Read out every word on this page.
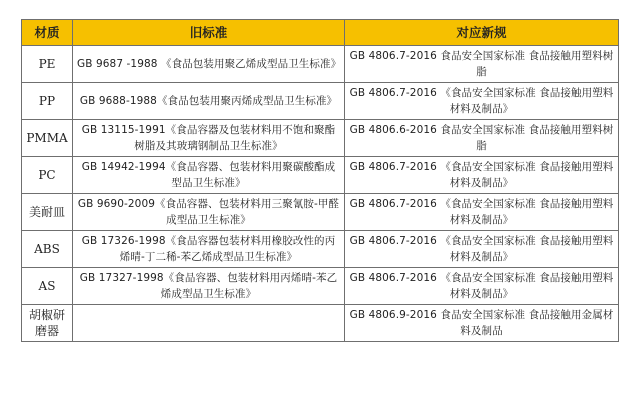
材质	旧标准	对应新规
PE	GB 9687 -1988 《食品包装用聚乙烯成型品卫生标准》	GB 4806.7-2016 食品安全国家标准 食品接触用塑料树脂
PP	GB 9688-1988《食品包装用聚丙烯成型品卫生标准》	GB 4806.7-2016 《食品安全国家标准 食品接触用塑料材料及制品》
PMMA	GB 13115-1991《食品容器及包装材料用不饱和聚酯树脂及其玻璃钢制品卫生标准》	GB 4806.6-2016 食品安全国家标准 食品接触用塑料树脂
PC	GB 14942-1994《食品容器、包装材料用聚碳酸酯成型品卫生标准》	GB 4806.7-2016 《食品安全国家标准 食品接触用塑料材料及制品》
美耐皿	GB 9690-2009《食品容器、包装材料用三聚氰胺-甲醛成型品卫生标准》	GB 4806.7-2016 《食品安全国家标准 食品接触用塑料材料及制品》
ABS	GB 17326-1998《食品容器包装材料用橡胶改性的丙烯晴-丁二稀-苯乙烯成型品卫生标准》	GB 4806.7-2016 《食品安全国家标准 食品接触用塑料材料及制品》
AS	GB 17327-1998《食品容器、包装材料用丙烯晴-苯乙烯成型品卫生标准》	GB 4806.7-2016 《食品安全国家标准 食品接触用塑料材料及制品》
胡椒研磨器		GB 4806.9-2016 食品安全国家标准 食品接触用金属材料及制品
